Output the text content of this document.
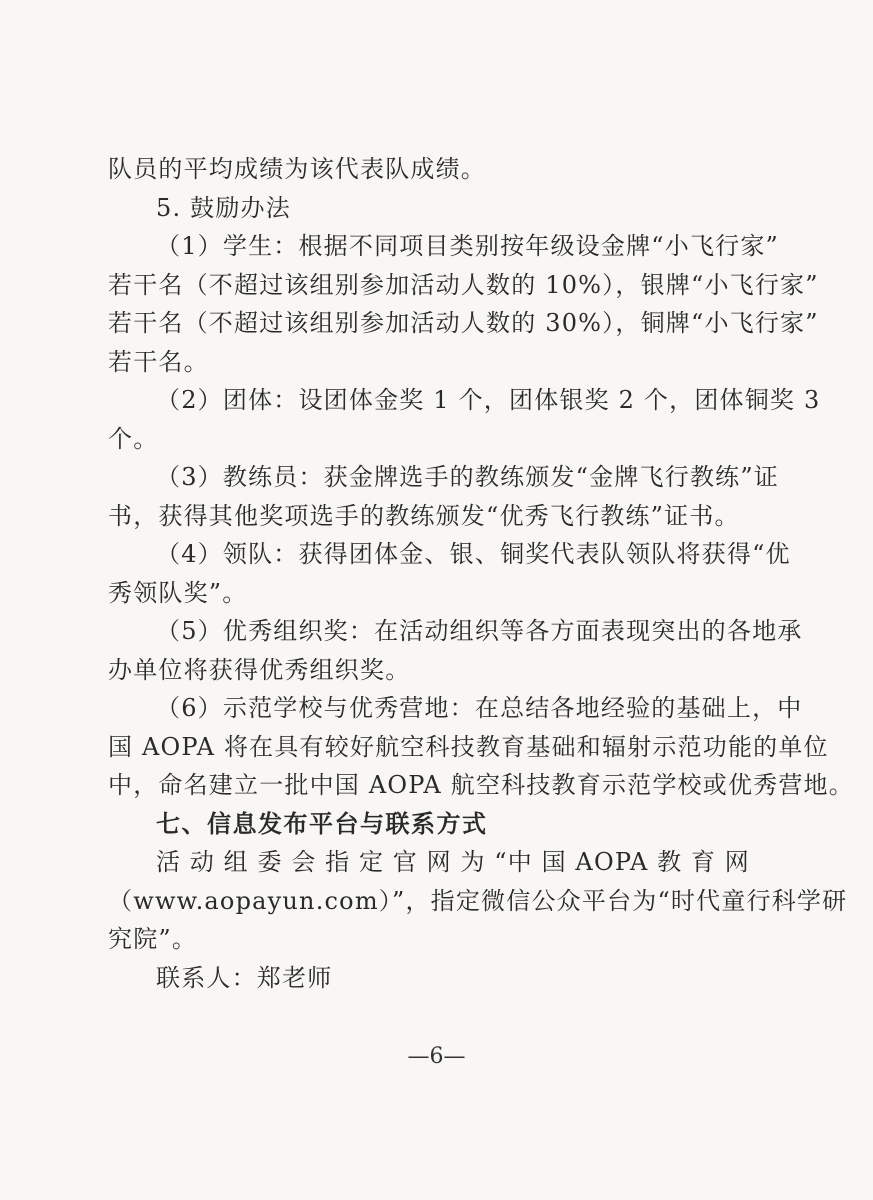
队员的平均成绩为该代表队成绩。
5. 鼓励办法
（1）学生：根据不同项目类别按年级设金牌“小飞行家”
若干名（不超过该组别参加活动人数的 10%），银牌“小飞行家”
若干名（不超过该组别参加活动人数的 30%），铜牌“小飞行家”
若干名。
（2）团体：设团体金奖 1 个，团体银奖 2 个，团体铜奖 3
个。
（3）教练员：获金牌选手的教练颁发“金牌飞行教练”证
书，获得其他奖项选手的教练颁发“优秀飞行教练”证书。
（4）领队：获得团体金、银、铜奖代表队领队将获得“优
秀领队奖”。
（5）优秀组织奖：在活动组织等各方面表现突出的各地承
办单位将获得优秀组织奖。
（6）示范学校与优秀营地：在总结各地经验的基础上，中
国 AOPA 将在具有较好航空科技教育基础和辐射示范功能的单位
中，命名建立一批中国 AOPA 航空科技教育示范学校或优秀营地。
七、信息发布平台与联系方式
活 动 组 委 会 指 定 官 网 为 “中 国 AOPA 教 育 网
（www.aopayun.com）”，指定微信公众平台为“时代童行科学研
究院”。
联系人：郑老师
—6—
